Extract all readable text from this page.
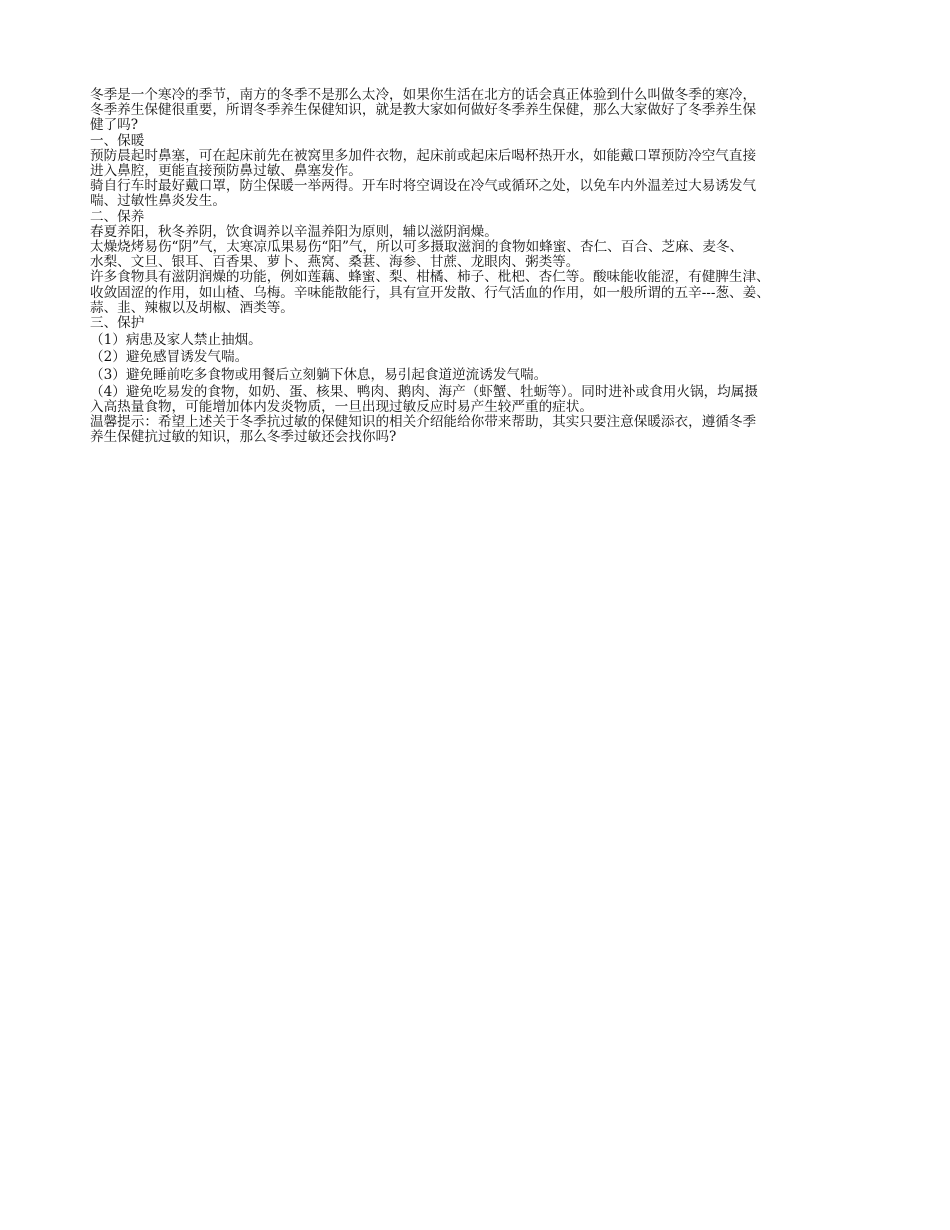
冬季是一个寒冷的季节，南方的冬季不是那么太冷，如果你生活在北方的话会真正体验到什么叫做冬季的寒冷，
冬季养生保健很重要，所谓冬季养生保健知识，就是教大家如何做好冬季养生保健，那么大家做好了冬季养生保
健了吗?

一、保暖

预防晨起时鼻塞，可在起床前先在被窝里多加件衣物，起床前或起床后喝杯热开水，如能戴口罩预防冷空气直接
进入鼻腔，更能直接预防鼻过敏、鼻塞发作。

骑自行车时最好戴口罩，防尘保暖一举两得。开车时将空调设在冷气或循环之处，以免车内外温差过大易诱发气
喘、过敏性鼻炎发生。

二、保养

春夏养阳，秋冬养阴，饮食调养以辛温养阳为原则，辅以滋阴润燥。

太燥烧烤易伤“阴”气，太寒凉瓜果易伤“阳”气，所以可多摄取滋润的食物如蜂蜜、杏仁、百合、芝麻、麦冬、
水梨、文旦、银耳、百香果、萝卜、燕窝、桑葚、海参、甘蔗、龙眼肉、粥类等。

许多食物具有滋阴润燥的功能，例如莲藕、蜂蜜、梨、柑橘、柿子、枇杷、杏仁等。酸味能收能涩，有健脾生津、
收敛固涩的作用，如山楂、乌梅。辛味能散能行，具有宣开发散、行气活血的作用，如一般所谓的五辛---葱、姜、
蒜、韭、辣椒以及胡椒、酒类等。

三、保护

（1）病患及家人禁止抽烟。

（2）避免感冒诱发气喘。

（3）避免睡前吃多食物或用餐后立刻躺下休息，易引起食道逆流诱发气喘。

（4）避免吃易发的食物，如奶、蛋、核果、鸭肉、鹅肉、海产（虾蟹、牡蛎等）。同时进补或食用火锅，均属摄
入高热量食物，可能增加体内发炎物质，一旦出现过敏反应时易产生较严重的症状。

温馨提示：希望上述关于冬季抗过敏的保健知识的相关介绍能给你带来帮助，其实只要注意保暖添衣，遵循冬季
养生保健抗过敏的知识，那么冬季过敏还会找你吗?
